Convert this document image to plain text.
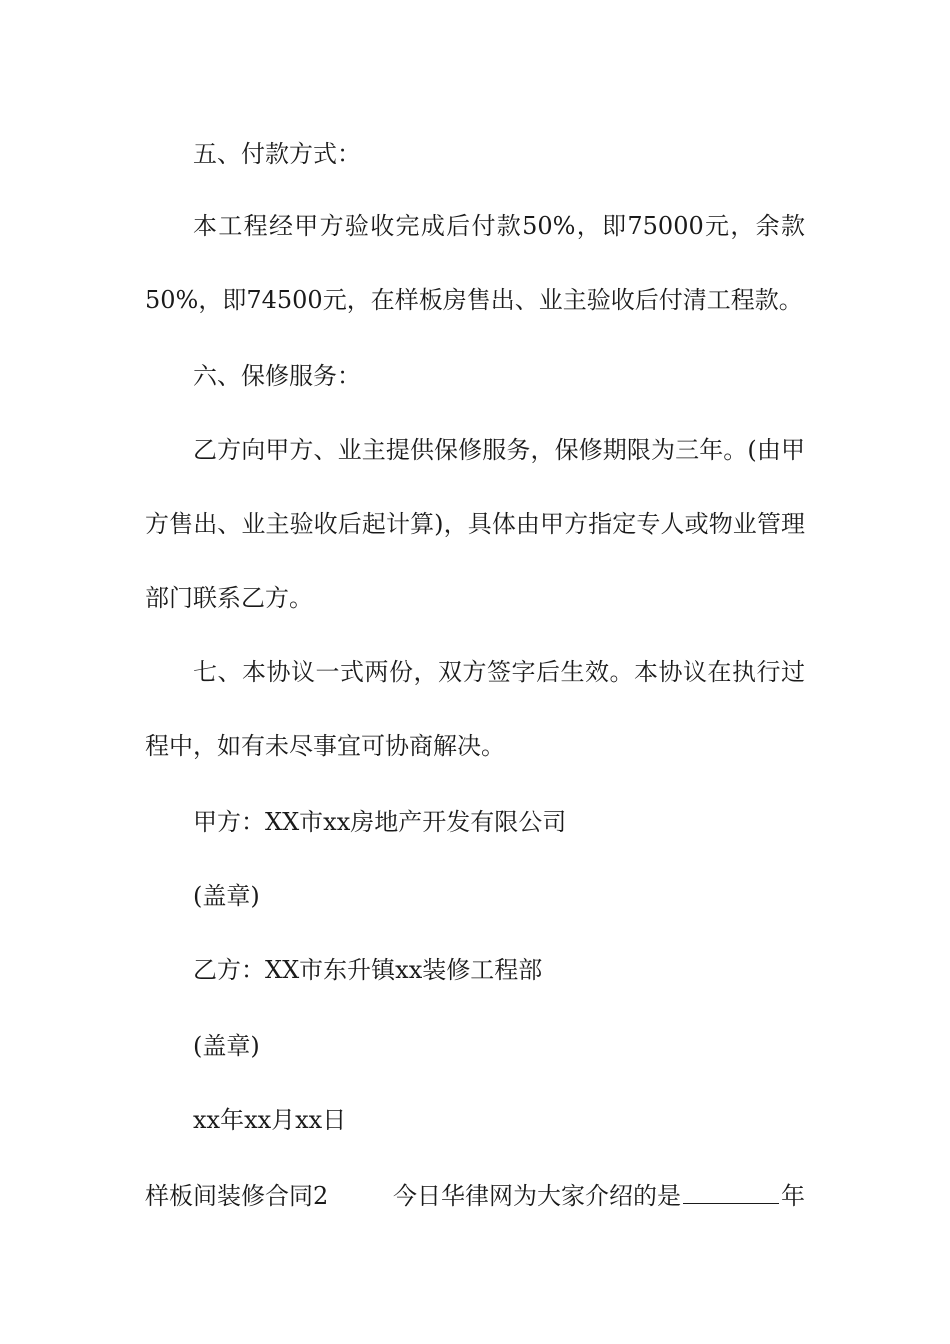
五、付款方式：
本工程经甲方验收完成后付款50%，即75000元，余款
50%，即74500元，在样板房售出、业主验收后付清工程款。
六、保修服务：
乙方向甲方、业主提供保修服务，保修期限为三年。(由甲
方售出、业主验收后起计算)，具体由甲方指定专人或物业管理
部门联系乙方。
七、本协议一式两份，双方签字后生效。本协议在执行过
程中，如有未尽事宜可协商解决。
甲方：XX市xx房地产开发有限公司
(盖章)
乙方：XX市东升镇xx装修工程部
(盖章)
xx年xx月xx日
样板间装修合同2	今日华律网为大家介绍的是	年
